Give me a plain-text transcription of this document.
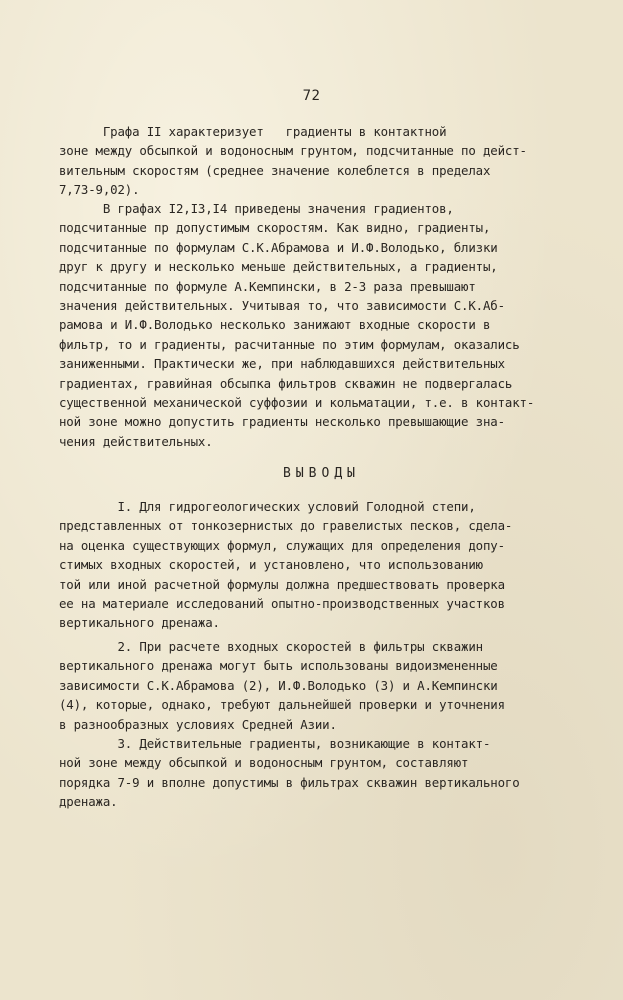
72
Графа II характеризует   градиенты в контактной
зоне между обсыпкой и водоносным грунтом, подсчитанные по дейст-
вительным скоростям (среднее значение колеблется в пределах
7,73-9,02).
В графах I2,I3,I4 приведены значения градиентов,
подсчитанные пр допустимым скоростям. Как видно, градиенты,
подсчитанные по формулам С.К.Абрамова и И.Ф.Володько, близки
друг к другу и несколько меньше действительных, а градиенты,
подсчитанные по формуле А.Кемпински, в 2-3 раза превышают
значения действительных. Учитывая то, что зависимости С.К.Аб-
рамова и И.Ф.Володько несколько занижают входные скорости в
фильтр, то и градиенты, расчитанные по этим формулам, оказались
заниженными. Практически же, при наблюдавшихся действительных
градиентах, гравийная обсыпка фильтров скважин не подвергалась
существенной механической суффозии и кольматации, т.е. в контакт-
ной зоне можно допустить градиенты несколько превышающие зна-
чения действительных.
ВЫВОДЫ
I. Для гидрогеологических условий Голодной степи,
представленных от тонкозернистых до гравелистых песков, сдела-
на оценка существующих формул, служащих для определения допу-
стимых входных скоростей, и установлено, что использованию
той или иной расчетной формулы должна предшествовать проверка
ее на материале исследований опытно-производственных участков
вертикального дренажа.
2. При расчете входных скоростей в фильтры скважин
вертикального дренажа могут быть использованы видоизмененные
зависимости С.К.Абрамова (2), И.Ф.Володько (3) и А.Кемпински
(4), которые, однако, требуют дальнейшей проверки и уточнения
в разнообразных условиях Средней Азии.
3. Действительные градиенты, возникающие в контакт-
ной зоне между обсыпкой и водоносным грунтом, составляют
порядка 7-9 и вполне допустимы в фильтрах скважин вертикального
дренажа.
